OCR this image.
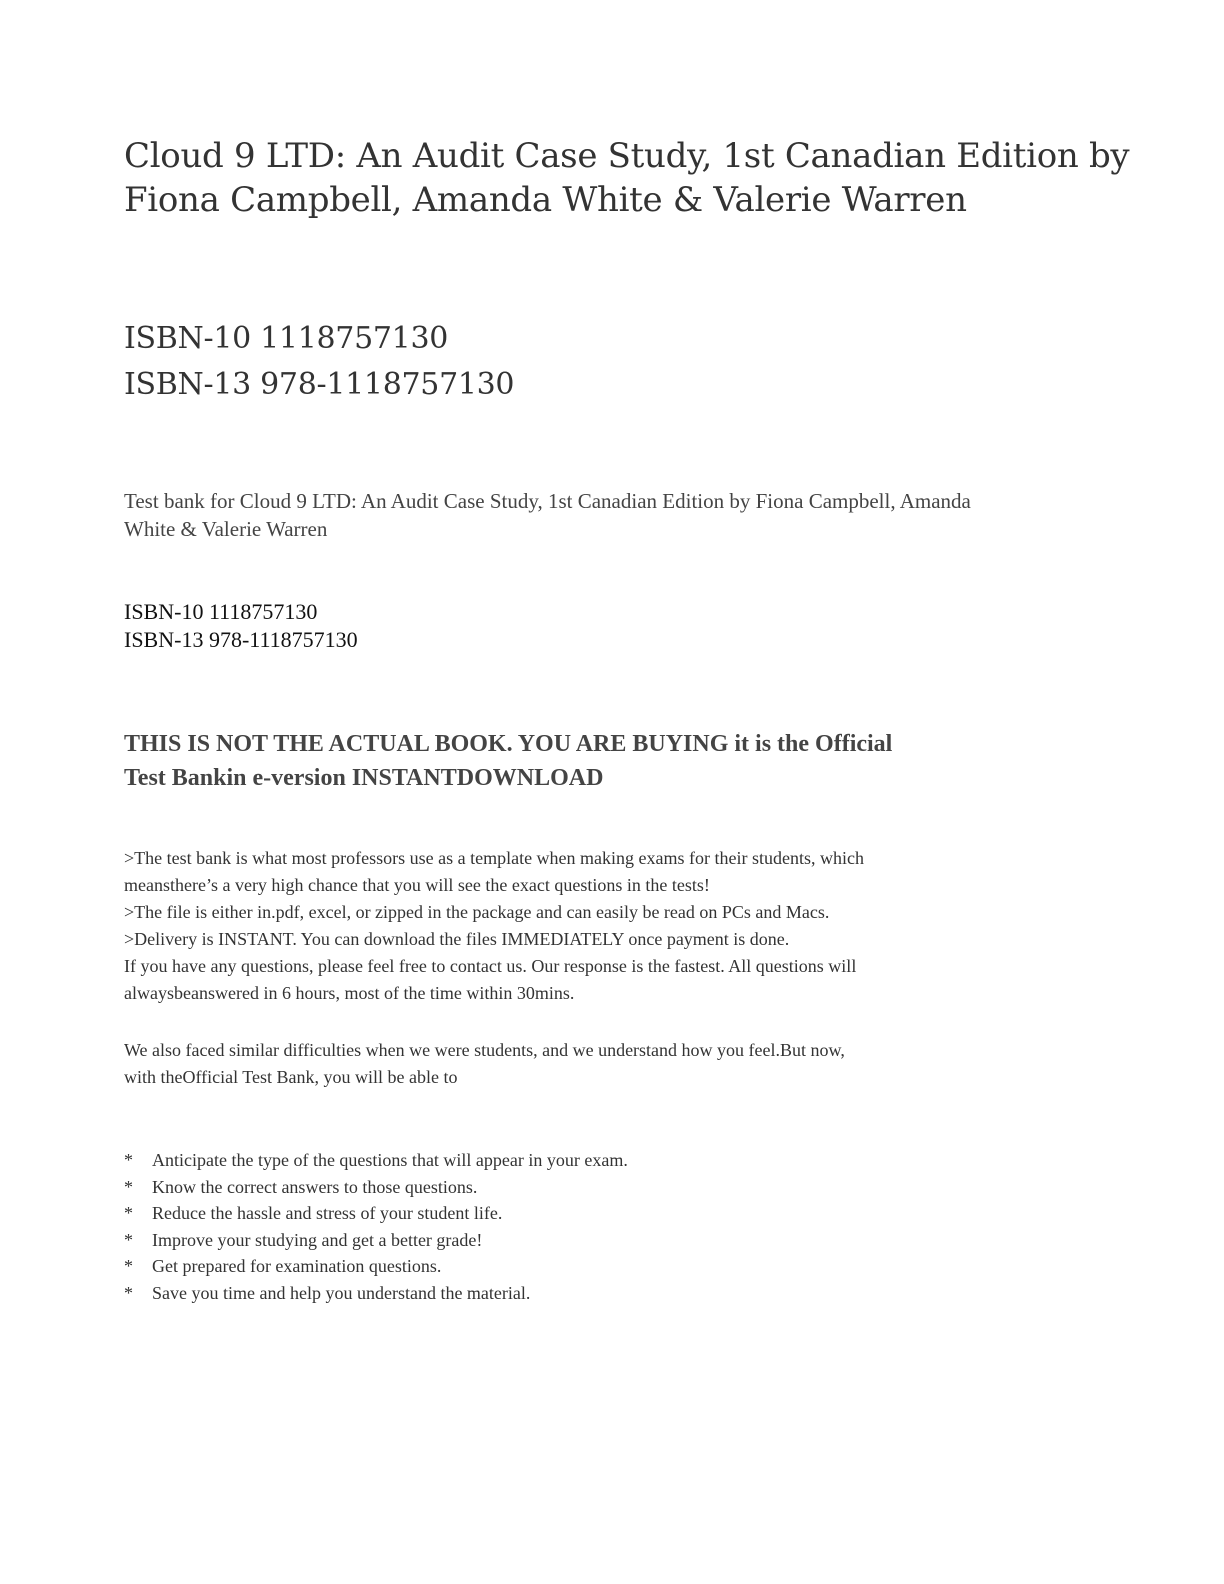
Cloud 9 LTD: An Audit Case Study, 1st Canadian Edition by
Fiona Campbell, Amanda White & Valerie Warren
ISBN-10 1118757130
ISBN-13 978-1118757130
Test bank for Cloud 9 LTD: An Audit Case Study, 1st Canadian Edition by Fiona Campbell, Amanda
White & Valerie Warren
ISBN-10 1118757130
ISBN-13 978-1118757130
THIS IS NOT THE ACTUAL BOOK. YOU ARE BUYING it is the Official
Test Bankin e-version INSTANTDOWNLOAD
>The test bank is what most professors use as a template when making exams for their students, which
meansthere’s a very high chance that you will see the exact questions in the tests!
>The file is either in.pdf, excel, or zipped in the package and can easily be read on PCs and Macs.
>Delivery is INSTANT. You can download the files IMMEDIATELY once payment is done.
If you have any questions, please feel free to contact us. Our response is the fastest. All questions will
alwaysbeanswered in 6 hours, most of the time within 30mins.
We also faced similar difficulties when we were students, and we understand how you feel.But now,
with theOfficial Test Bank, you will be able to
*	Anticipate the type of the questions that will appear in your exam.
*	Know the correct answers to those questions.
*	Reduce the hassle and stress of your student life.
*	Improve your studying and get a better grade!
*	Get prepared for examination questions.
*	Save you time and help you understand the material.
